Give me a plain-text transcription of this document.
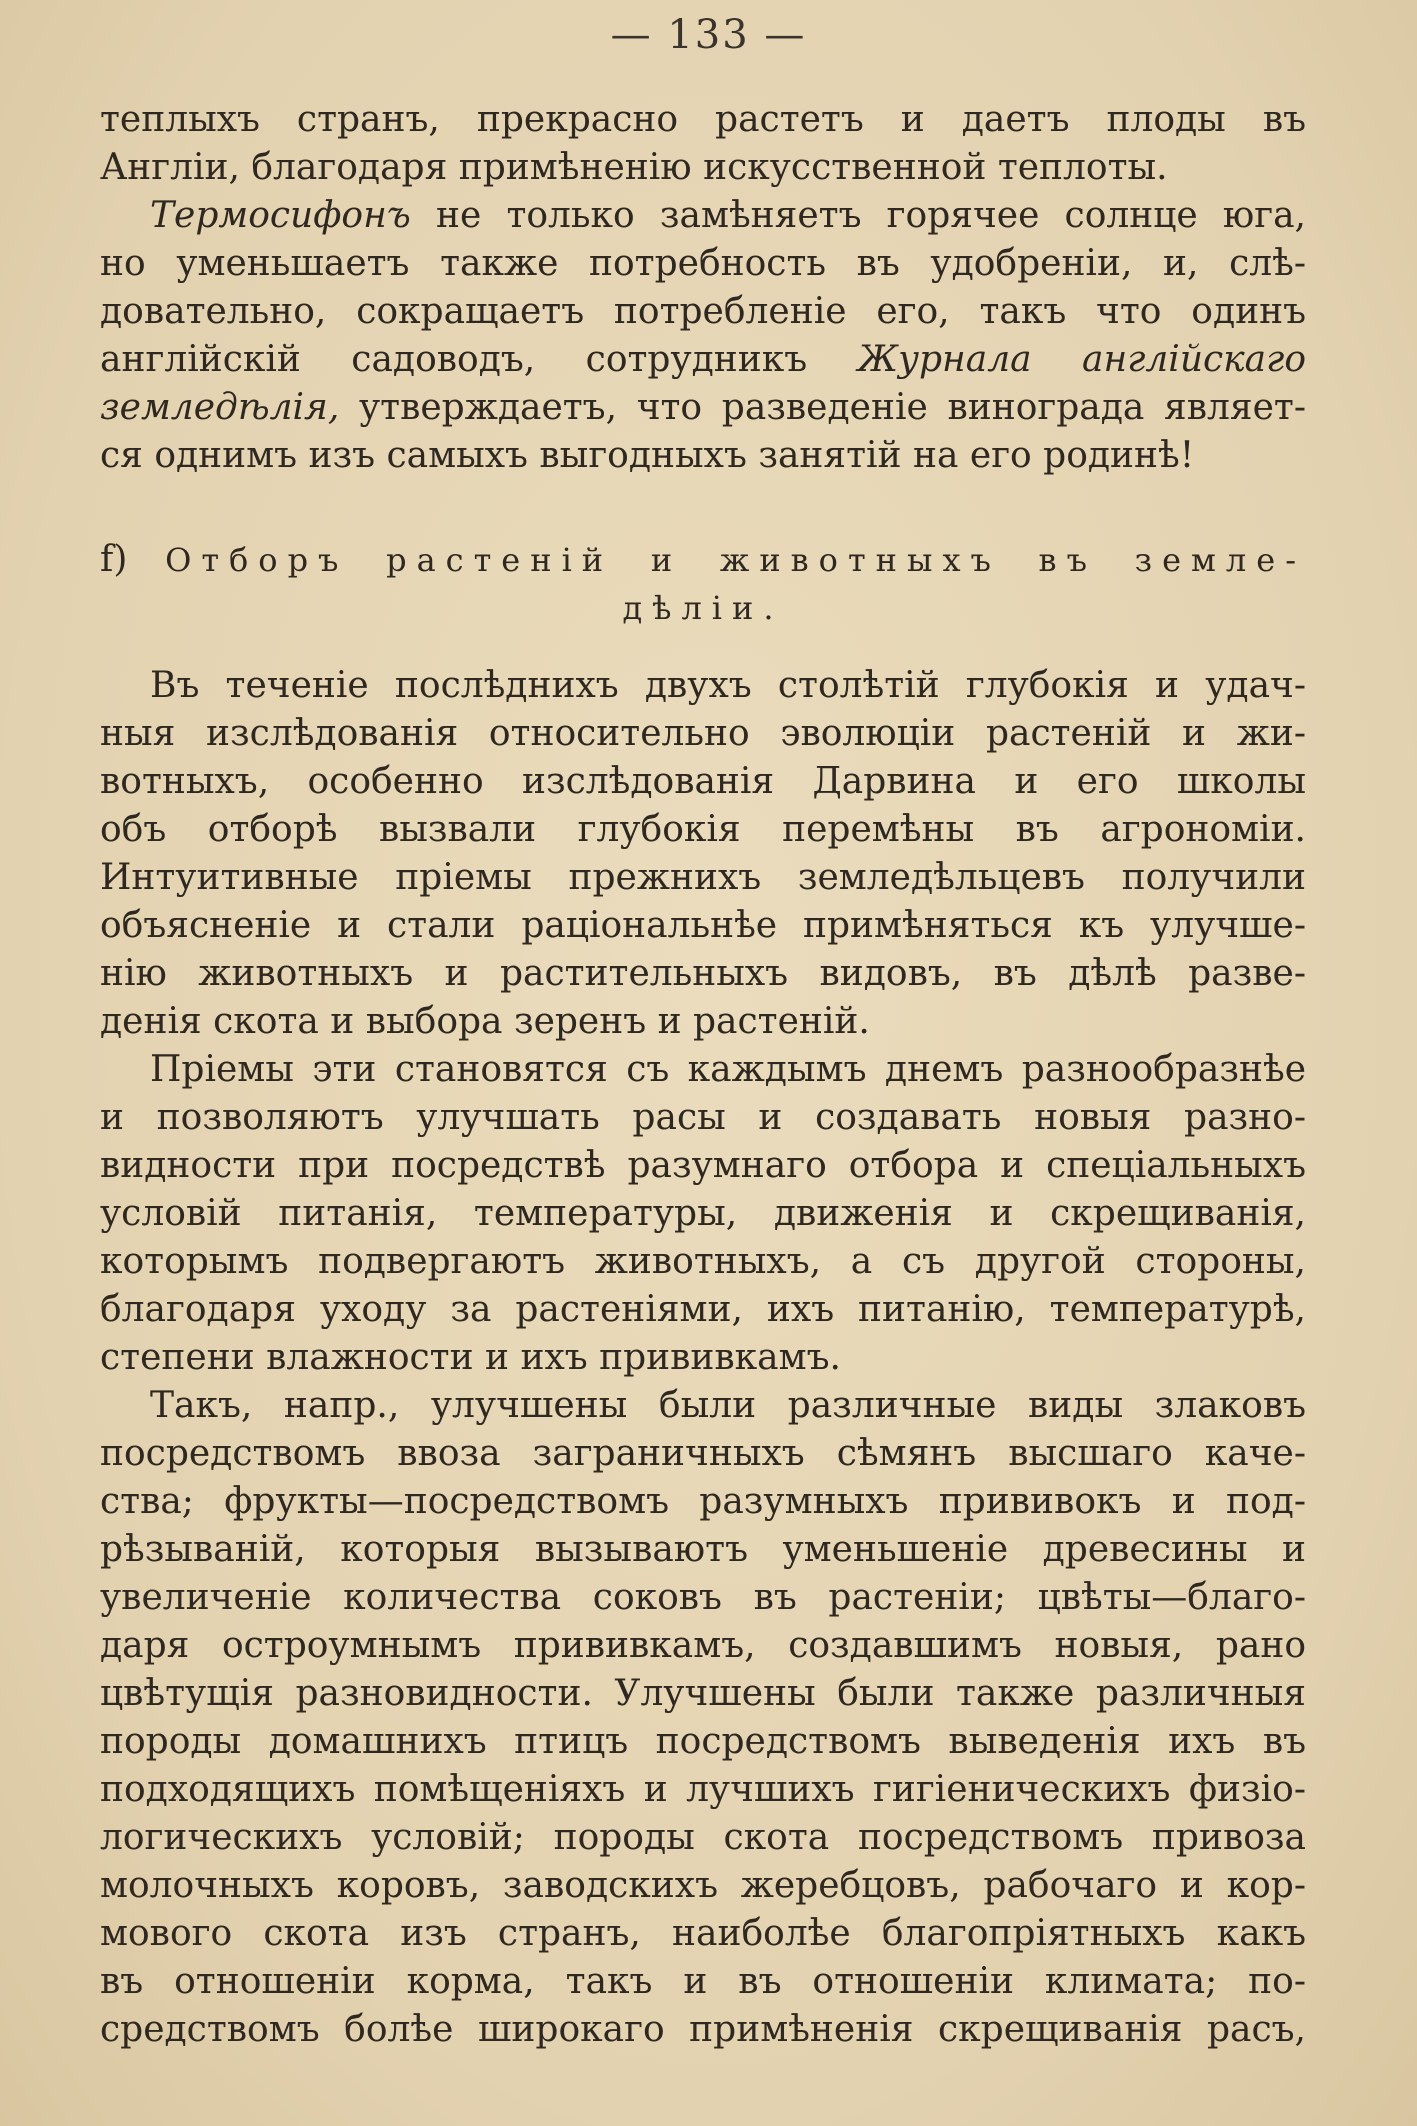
— 133 —
теплыхъ странъ, прекрасно растетъ и даетъ плоды въ
Англіи, благодаря примѣненію искусственной теплоты.
Термосифонъ не только замѣняетъ горячее солнце юга,
но уменьшаетъ также потребность въ удобреніи, и, слѣ-
довательно, сокращаетъ потребленіе его, такъ что одинъ
англійскій садоводъ, сотрудникъ Журнала англійскаго
земледѣлія, утверждаетъ, что разведеніе винограда являет-
ся однимъ изъ самыхъ выгодныхъ занятій на его родинѣ!
f) Отборъ растеній и животныхъ въ земле-
дѣліи.
Въ теченіе послѣднихъ двухъ столѣтій глубокія и удач-
ныя изслѣдованія относительно эволюціи растеній и жи-
вотныхъ, особенно изслѣдованія Дарвина и его школы
объ отборѣ вызвали глубокія перемѣны въ агрономіи.
Интуитивные пріемы прежнихъ земледѣльцевъ получили
объясненіе и стали раціональнѣе примѣняться къ улучше-
нію животныхъ и растительныхъ видовъ, въ дѣлѣ разве-
денія скота и выбора зеренъ и растеній.
Пріемы эти становятся съ каждымъ днемъ разнообразнѣе
и позволяютъ улучшать расы и создавать новыя разно-
видности при посредствѣ разумнаго отбора и спеціальныхъ
условій питанія, температуры, движенія и скрещиванія,
которымъ подвергаютъ животныхъ, а съ другой стороны,
благодаря уходу за растеніями, ихъ питанію, температурѣ,
степени влажности и ихъ прививкамъ.
Такъ, напр., улучшены были различные виды злаковъ
посредствомъ ввоза заграничныхъ сѣмянъ высшаго каче-
ства; фрукты—посредствомъ разумныхъ прививокъ и под-
рѣзываній, которыя вызываютъ уменьшеніе древесины и
увеличеніе количества соковъ въ растеніи; цвѣты—благо-
даря остроумнымъ прививкамъ, создавшимъ новыя, рано
цвѣтущія разновидности. Улучшены были также различныя
породы домашнихъ птицъ посредствомъ выведенія ихъ въ
подходящихъ помѣщеніяхъ и лучшихъ гигіеническихъ физіо-
логическихъ условій; породы скота посредствомъ привоза
молочныхъ коровъ, заводскихъ жеребцовъ, рабочаго и кор-
мового скота изъ странъ, наиболѣе благопріятныхъ какъ
въ отношеніи корма, такъ и въ отношеніи климата; по-
средствомъ болѣе широкаго примѣненія скрещиванія расъ,
